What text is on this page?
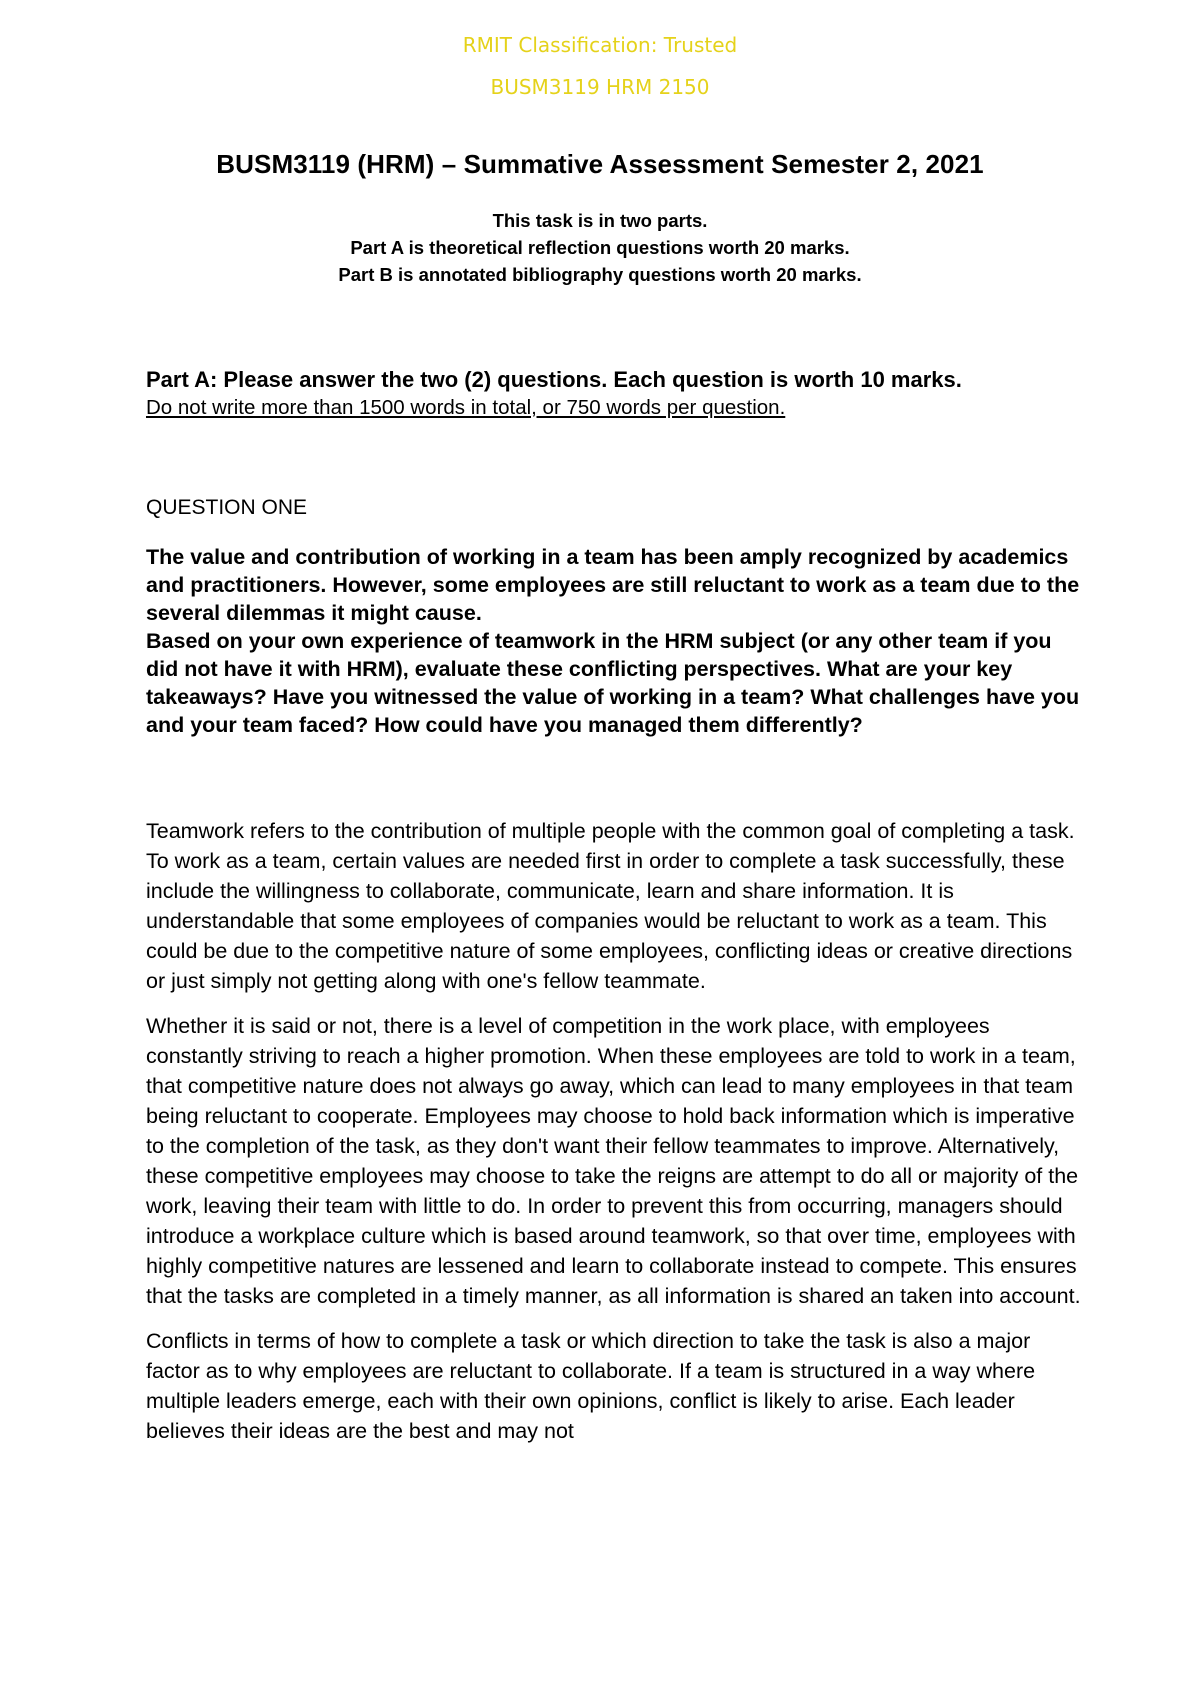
RMIT Classification: Trusted
BUSM3119 HRM 2150
BUSM3119 (HRM) – Summative Assessment Semester 2, 2021
This task is in two parts.
Part A is theoretical reflection questions worth 20 marks.
Part B is annotated bibliography questions worth 20 marks.
Part A: Please answer the two (2) questions. Each question is worth 10 marks.
Do not write more than 1500 words in total, or 750 words per question.
QUESTION ONE

The value and contribution of working in a team has been amply recognized by academics and practitioners. However, some employees are still reluctant to work as a team due to the several dilemmas it might cause.

Based on your own experience of teamwork in the HRM subject (or any other team if you did not have it with HRM), evaluate these conflicting perspectives. What are your key takeaways? Have you witnessed the value of working in a team? What challenges have you and your team faced? How could have you managed them differently?

Teamwork refers to the contribution of multiple people with the common goal of completing a task. To work as a team, certain values are needed first in order to complete a task successfully, these include the willingness to collaborate, communicate, learn and share information. It is understandable that some employees of companies would be reluctant to work as a team. This could be due to the competitive nature of some employees, conflicting ideas or creative directions or just simply not getting along with one's fellow teammate.

Whether it is said or not, there is a level of competition in the work place, with employees constantly striving to reach a higher promotion. When these employees are told to work in a team, that competitive nature does not always go away, which can lead to many employees in that team being reluctant to cooperate. Employees may choose to hold back information which is imperative to the completion of the task, as they don't want their fellow teammates to improve. Alternatively, these competitive employees may choose to take the reigns are attempt to do all or majority of the work, leaving their team with little to do. In order to prevent this from occurring, managers should introduce a workplace culture which is based around teamwork, so that over time, employees with highly competitive natures are lessened and learn to collaborate instead to compete. This ensures that the tasks are completed in a timely manner, as all information is shared an taken into account.

Conflicts in terms of how to complete a task or which direction to take the task is also a major factor as to why employees are reluctant to collaborate. If a team is structured in a way where multiple leaders emerge, each with their own opinions, conflict is likely to arise. Each leader believes their ideas are the best and may not
